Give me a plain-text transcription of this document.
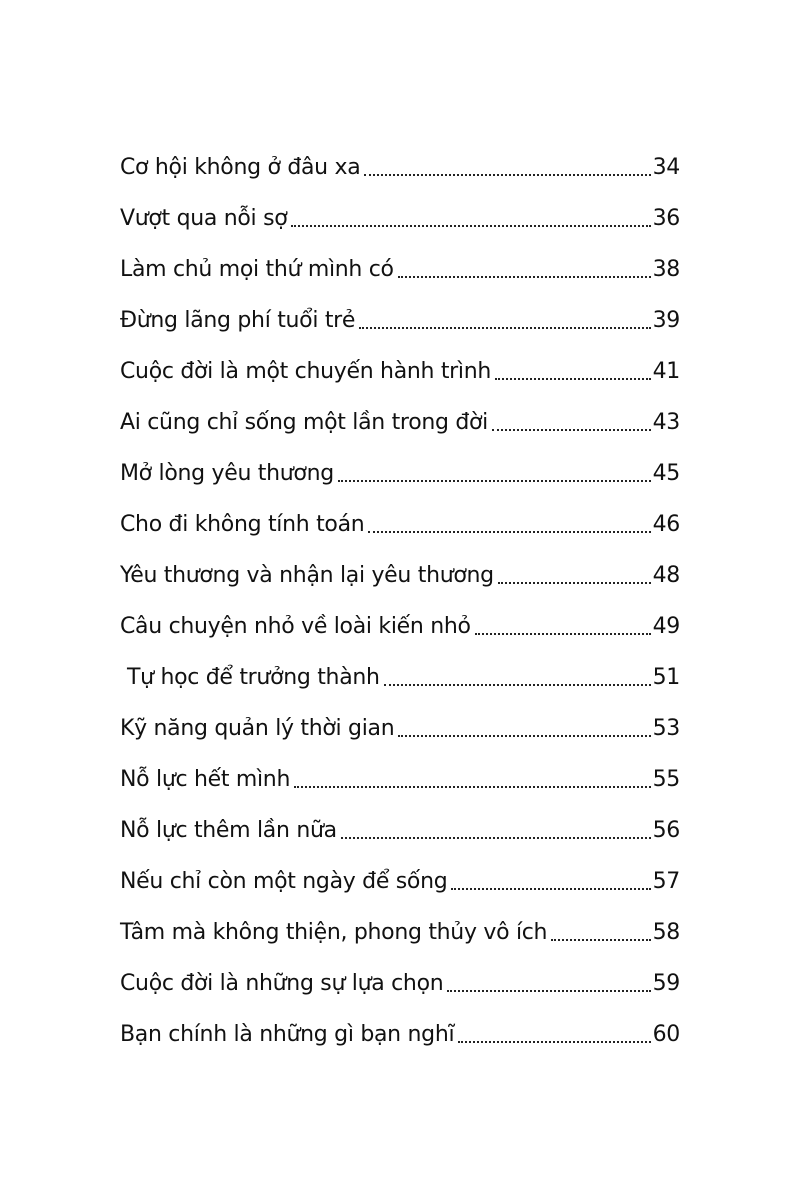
Cơ hội không ở đâu xa	34
Vượt qua nỗi sợ	36
Làm chủ mọi thứ mình có	38
Đừng lãng phí tuổi trẻ	39
Cuộc đời là một chuyến hành trình	41
Ai cũng chỉ sống một lần trong đời	43
Mở lòng yêu thương	45
Cho đi không tính toán	46
Yêu thương và nhận lại yêu thương	48
Câu chuyện nhỏ về loài kiến nhỏ	49
Tự học để trưởng thành	51
Kỹ năng quản lý thời gian	53
Nỗ lực hết mình	55
Nỗ lực thêm lần nữa	56
Nếu chỉ còn một ngày để sống	57
Tâm mà không thiện, phong thủy vô ích	58
Cuộc đời là những sự lựa chọn	59
Bạn chính là những gì bạn nghĩ	60
